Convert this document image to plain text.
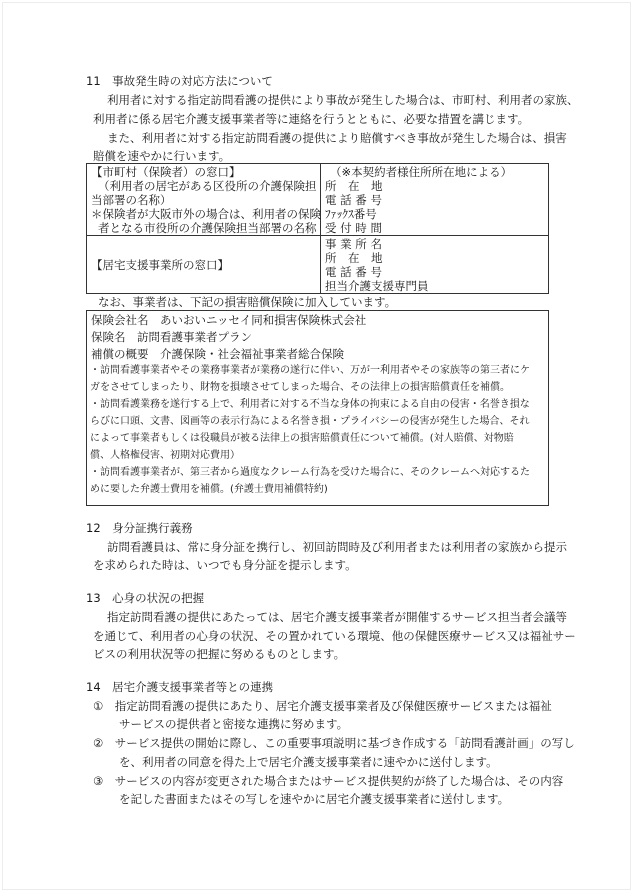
11　事故発生時の対応方法について
利用者に対する指定訪問看護の提供により事故が発生した場合は、市町村、利用者の家族、
利用者に係る居宅介護支援事業者等に連絡を行うとともに、必要な措置を講じます。
また、利用者に対する指定訪問看護の提供により賠償すべき事故が発生した場合は、損害
賠償を速やかに行います。
【市町村（保険者）の窓口】
（利用者の居宅がある区役所の介護保険担
当部署の名称）
＊保険者が大阪市外の場合は、利用者の保険
者となる市役所の介護保険担当部署の名称
（※本契約者様住所所在地による）
所　在　地
電 話 番 号
ﾌｧｯｸｽ番号
受 付 時 間
【居宅支援事業所の窓口】
事 業 所 名
所　在　地
電 話 番 号
担当介護支援専門員
なお、事業者は、下記の損害賠償保険に加入しています。
保険会社名　あいおいニッセイ同和損害保険株式会社
保険名　訪問看護事業者プラン
補償の概要　介護保険・社会福祉事業者総合保険
・訪問看護事業者やその業務事業者が業務の遂行に伴い、万が一利用者やその家族等の第三者にケ
ガをさせてしまったり、財物を損壊させてしまった場合、その法律上の損害賠償責任を補償。
・訪問看護業務を遂行する上で、利用者に対する不当な身体の拘束による自由の侵害・名誉き損な
らびに口頭、文書、図画等の表示行為による名誉き損・プライバシーの侵害が発生した場合、それ
によって事業者もしくは役職員が被る法律上の損害賠償責任について補償。(対人賠償、対物賠
償、人格権侵害、初期対応費用）
・訪問看護事業者が、第三者から過度なクレーム行為を受けた場合に、そのクレームへ対応するた
めに要した弁護士費用を補償。(弁護士費用補償特約)
12　身分証携行義務
訪問看護員は、常に身分証を携行し、初回訪問時及び利用者または利用者の家族から提示
を求められた時は、いつでも身分証を提示します。
13　心身の状況の把握
指定訪問看護の提供にあたっては、居宅介護支援事業者が開催するサービス担当者会議等
を通じて、利用者の心身の状況、その置かれている環境、他の保健医療サービス又は福祉サー
ビスの利用状況等の把握に努めるものとします。
14　居宅介護支援事業者等との連携
①　指定訪問看護の提供にあたり、居宅介護支援事業者及び保健医療サービスまたは福祉
サービスの提供者と密接な連携に努めます。
②　サービス提供の開始に際し、この重要事項説明に基づき作成する「訪問看護計画」の写し
を、利用者の同意を得た上で居宅介護支援事業者に速やかに送付します。
③　サービスの内容が変更された場合またはサービス提供契約が終了した場合は、その内容
を記した書面またはその写しを速やかに居宅介護支援事業者に送付します。
